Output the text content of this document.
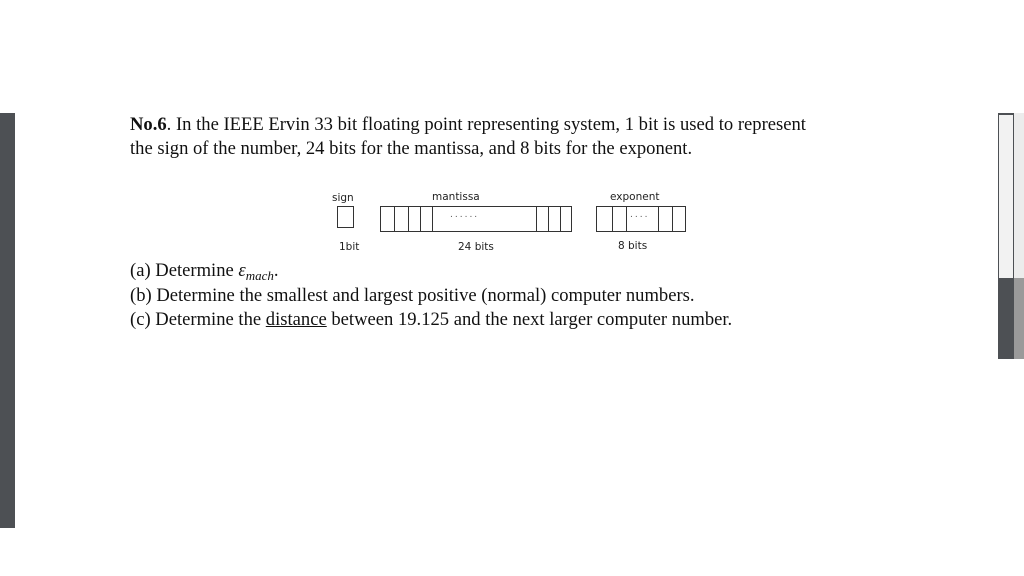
No.6. In the IEEE Ervin 33 bit floating point representing system, 1 bit is used to represent
the sign of the number, 24 bits for the mantissa, and 8 bits for the exponent.
sign	mantissa	exponent
......	....
1bit	24 bits	8 bits
(a) Determine $\varepsilon_{mach}$.
(b) Determine the smallest and largest positive (normal) computer numbers.
(c) Determine the distance between 19.125 and the next larger computer number.
